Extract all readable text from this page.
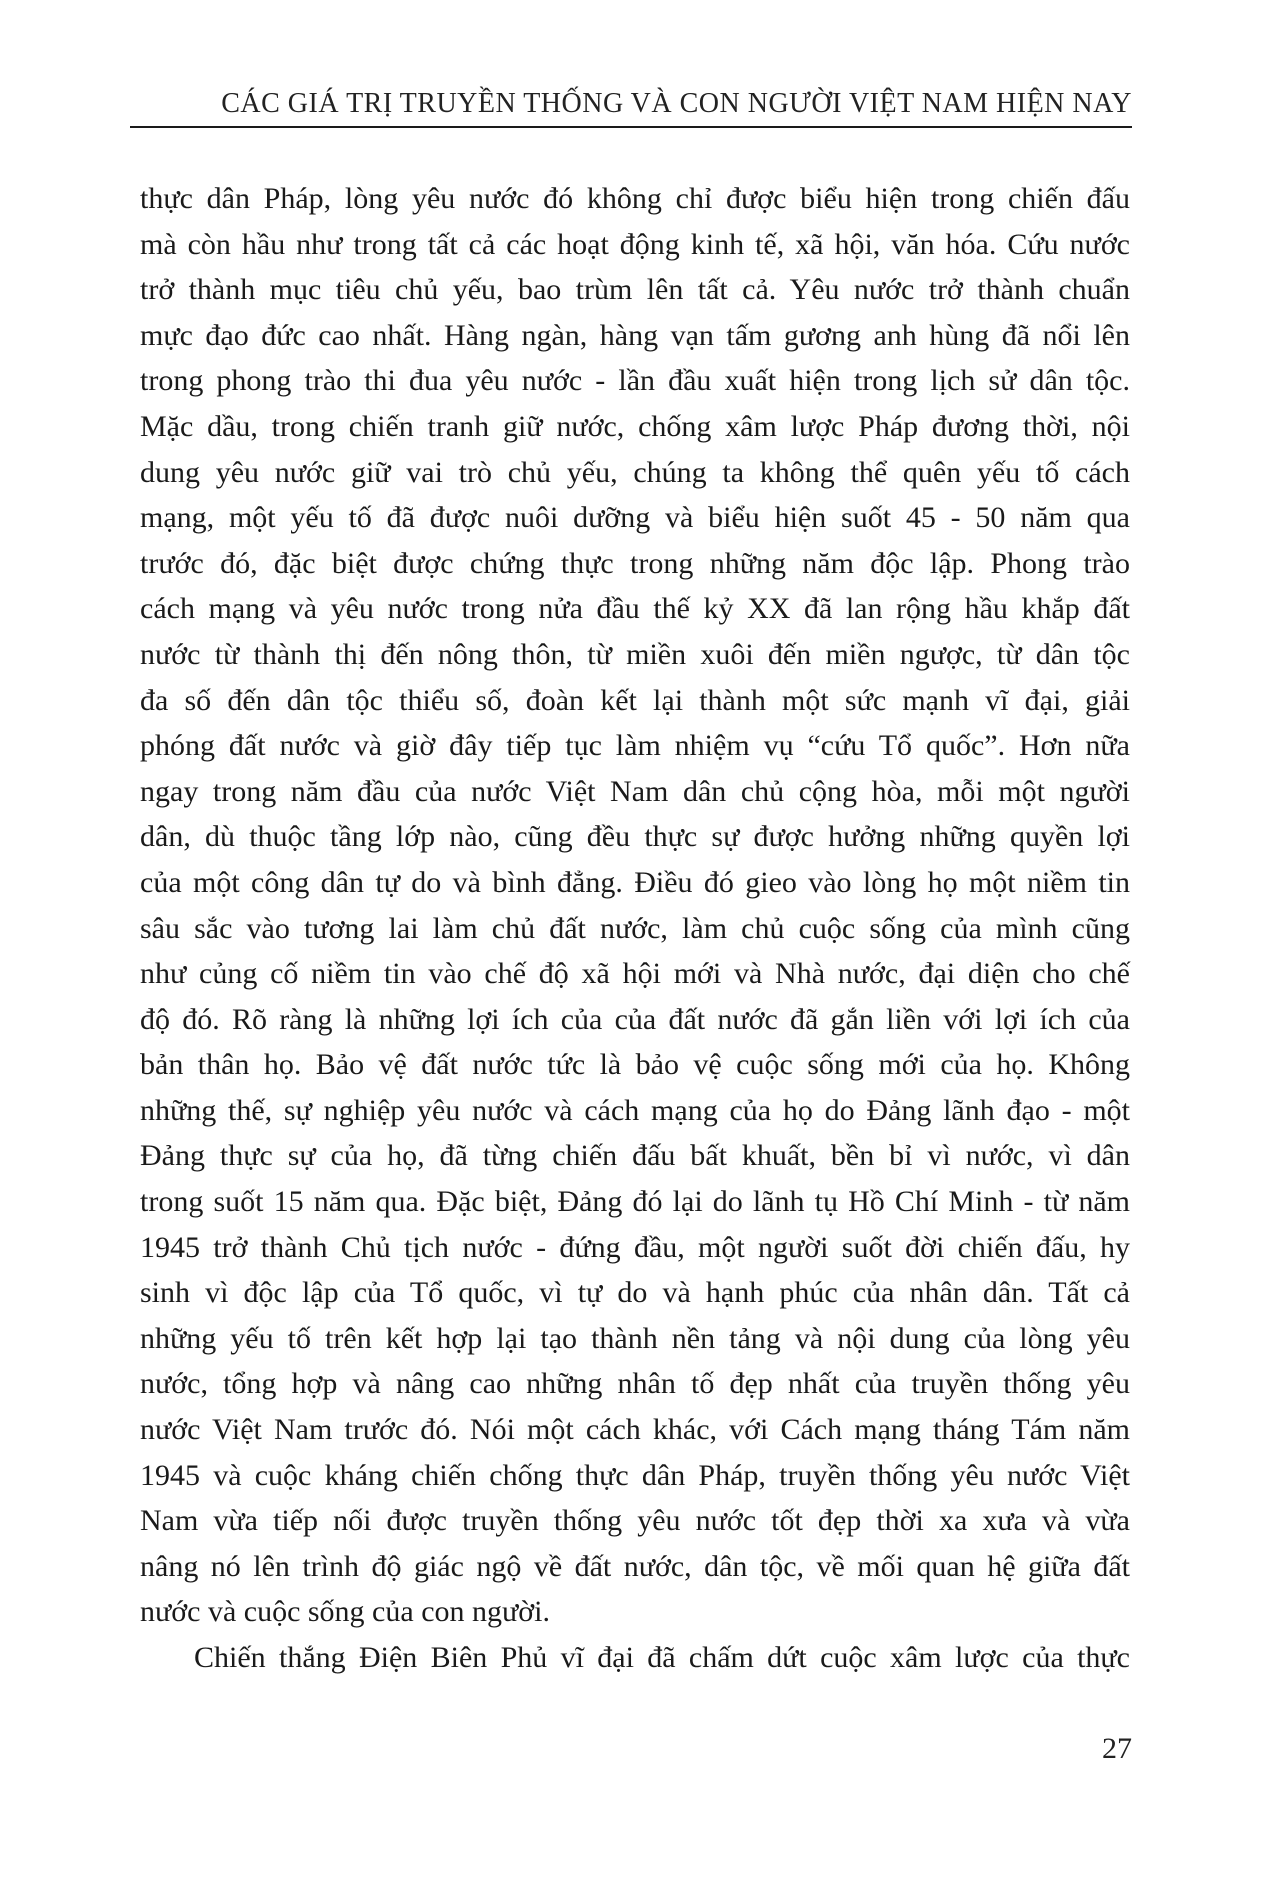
CÁC GIÁ TRỊ TRUYỀN THỐNG VÀ CON NGƯỜI VIỆT NAM HIỆN NAY
thực dân Pháp, lòng yêu nước đó không chỉ được biểu hiện trong chiến đấu
mà còn hầu như trong tất cả các hoạt động kinh tế, xã hội, văn hóa. Cứu nước
trở thành mục tiêu chủ yếu, bao trùm lên tất cả. Yêu nước trở thành chuẩn
mực đạo đức cao nhất. Hàng ngàn, hàng vạn tấm gương anh hùng đã nổi lên
trong phong trào thi đua yêu nước - lần đầu xuất hiện trong lịch sử dân tộc.
Mặc dầu, trong chiến tranh giữ nước, chống xâm lược Pháp đương thời, nội
dung yêu nước giữ vai trò chủ yếu, chúng ta không thể quên yếu tố cách
mạng, một yếu tố đã được nuôi dưỡng và biểu hiện suốt 45 - 50 năm qua
trước đó, đặc biệt được chứng thực trong những năm độc lập. Phong trào
cách mạng và yêu nước trong nửa đầu thế kỷ XX đã lan rộng hầu khắp đất
nước từ thành thị đến nông thôn, từ miền xuôi đến miền ngược, từ dân tộc
đa số đến dân tộc thiểu số, đoàn kết lại thành một sức mạnh vĩ đại, giải
phóng đất nước và giờ đây tiếp tục làm nhiệm vụ “cứu Tổ quốc”. Hơn nữa
ngay trong năm đầu của nước Việt Nam dân chủ cộng hòa, mỗi một người
dân, dù thuộc tầng lớp nào, cũng đều thực sự được hưởng những quyền lợi
của một công dân tự do và bình đẳng. Điều đó gieo vào lòng họ một niềm tin
sâu sắc vào tương lai làm chủ đất nước, làm chủ cuộc sống của mình cũng
như củng cố niềm tin vào chế độ xã hội mới và Nhà nước, đại diện cho chế
độ đó. Rõ ràng là những lợi ích của của đất nước đã gắn liền với lợi ích của
bản thân họ. Bảo vệ đất nước tức là bảo vệ cuộc sống mới của họ. Không
những thế, sự nghiệp yêu nước và cách mạng của họ do Đảng lãnh đạo - một
Đảng thực sự của họ, đã từng chiến đấu bất khuất, bền bỉ vì nước, vì dân
trong suốt 15 năm qua. Đặc biệt, Đảng đó lại do lãnh tụ Hồ Chí Minh - từ năm
1945 trở thành Chủ tịch nước - đứng đầu, một người suốt đời chiến đấu, hy
sinh vì độc lập của Tổ quốc, vì tự do và hạnh phúc của nhân dân. Tất cả
những yếu tố trên kết hợp lại tạo thành nền tảng và nội dung của lòng yêu
nước, tổng hợp và nâng cao những nhân tố đẹp nhất của truyền thống yêu
nước Việt Nam trước đó. Nói một cách khác, với Cách mạng tháng Tám năm
1945 và cuộc kháng chiến chống thực dân Pháp, truyền thống yêu nước Việt
Nam vừa tiếp nối được truyền thống yêu nước tốt đẹp thời xa xưa và vừa
nâng nó lên trình độ giác ngộ về đất nước, dân tộc, về mối quan hệ giữa đất
nước và cuộc sống của con người.
Chiến thắng Điện Biên Phủ vĩ đại đã chấm dứt cuộc xâm lược của thực
27
